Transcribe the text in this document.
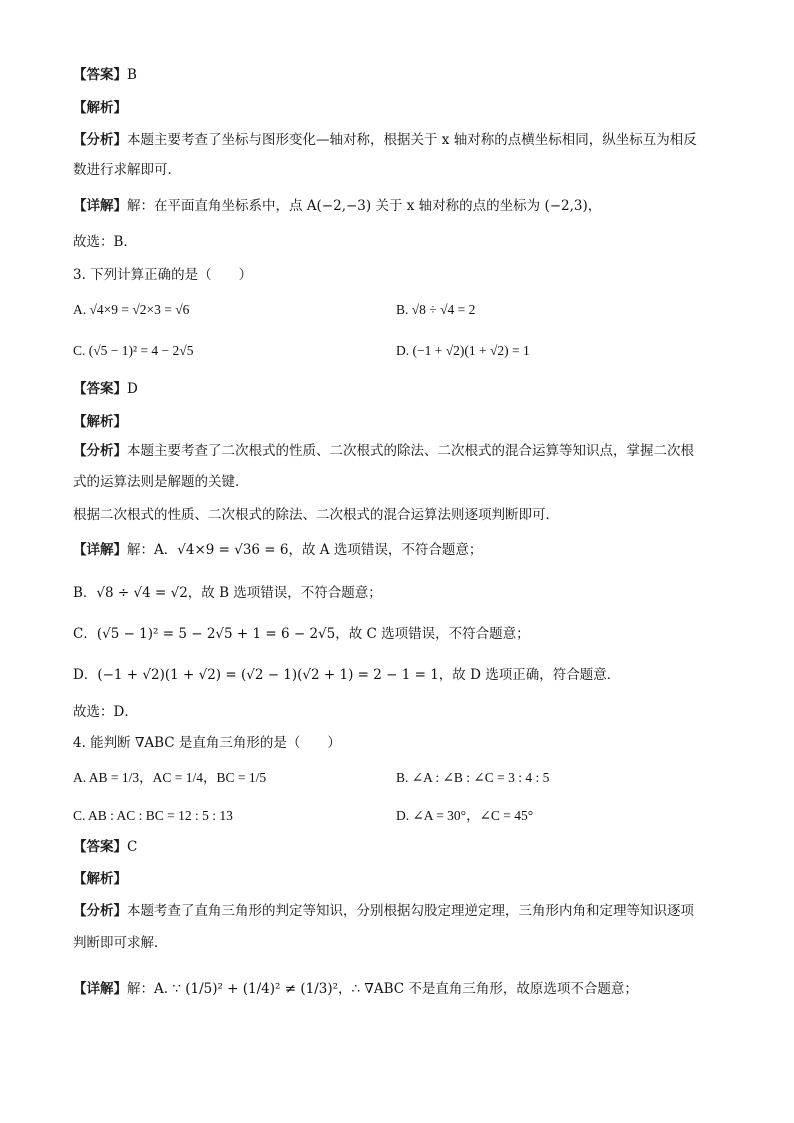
【答案】B
【解析】
【分析】本题主要考查了坐标与图形变化—轴对称，根据关于 x 轴对称的点横坐标相同，纵坐标互为相反
数进行求解即可．
【详解】解：在平面直角坐标系中，点 A(−2,−3) 关于 x 轴对称的点的坐标为 (−2,3)，
故选：B．
3. 下列计算正确的是（　　）
A. √4×9 = √2×3 = √6	B. √8 ÷ √4 = 2
C. (√5 − 1)² = 4 − 2√5	D. (−1 + √2)(1 + √2) = 1
【答案】D
【解析】
【分析】本题主要考查了二次根式的性质、二次根式的除法、二次根式的混合运算等知识点，掌握二次根
式的运算法则是解题的关键．
根据二次根式的性质、二次根式的除法、二次根式的混合运算法则逐项判断即可．
【详解】解：A．√4×9 = √36 = 6，故 A 选项错误，不符合题意；
B．√8 ÷ √4 = √2，故 B 选项错误，不符合题意；
C．(√5 − 1)² = 5 − 2√5 + 1 = 6 − 2√5，故 C 选项错误，不符合题意；
D．(−1 + √2)(1 + √2) = (√2 − 1)(√2 + 1) = 2 − 1 = 1，故 D 选项正确，符合题意．
故选：D．
4. 能判断 ∇ABC 是直角三角形的是（　　）
A. AB = 1/3，AC = 1/4，BC = 1/5	B. ∠A : ∠B : ∠C = 3 : 4 : 5
C. AB : AC : BC = 12 : 5 : 13	D. ∠A = 30°，∠C = 45°
【答案】C
【解析】
【分析】本题考查了直角三角形的判定等知识，分别根据勾股定理逆定理，三角形内角和定理等知识逐项
判断即可求解．
【详解】解：A. ∵ (1/5)² + (1/4)² ≠ (1/3)²，∴ ∇ABC 不是直角三角形，故原选项不合题意；
